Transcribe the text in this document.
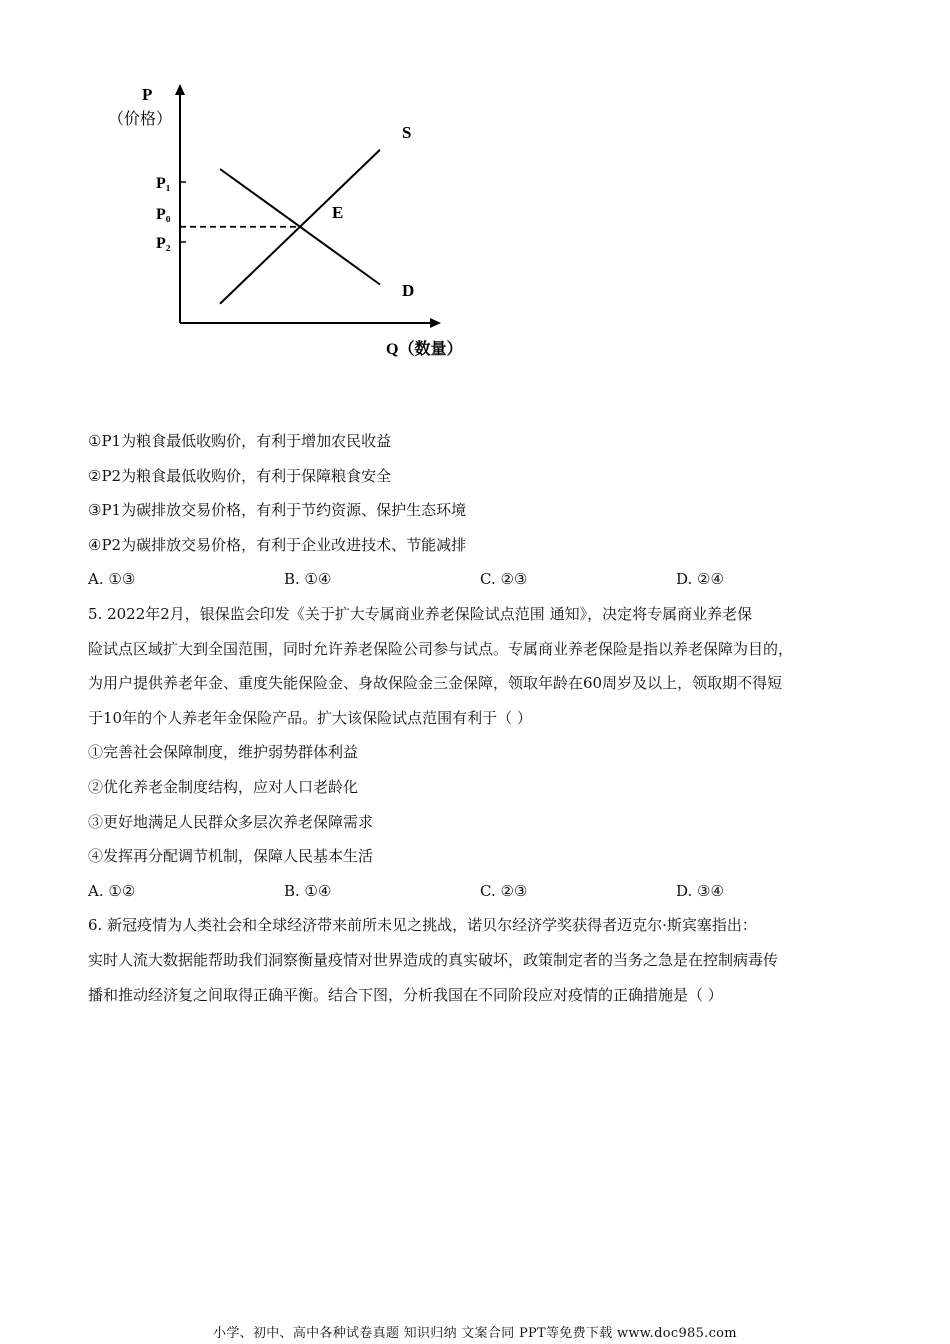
P
（价格）
P₁
P₀
P₂
S
D
E
Q（数量）
①P1为粮食最低收购价，有利于增加农民收益
②P2为粮食最低收购价，有利于保障粮食安全
③P1为碳排放交易价格，有利于节约资源、保护生态环境
④P2为碳排放交易价格，有利于企业改进技术、节能减排
A. ①③	B. ①④	C. ②③	D. ②④
5. 2022年2月，银保监会印发《关于扩大专属商业养老保险试点范围 通知》，决定将专属商业养老保
险试点区域扩大到全国范围，同时允许养老保险公司参与试点。专属商业养老保险是指以养老保障为目的，
为用户提供养老年金、重度失能保险金、身故保险金三金保障，领取年龄在60周岁及以上，领取期不得短
于10年的个人养老年金保险产品。扩大该保险试点范围有利于（ ）
①完善社会保障制度，维护弱势群体利益
②优化养老金制度结构，应对人口老龄化
③更好地满足人民群众多层次养老保障需求
④发挥再分配调节机制，保障人民基本生活
A. ①②	B. ①④	C. ②③	D. ③④
6. 新冠疫情为人类社会和全球经济带来前所未见之挑战，诺贝尔经济学奖获得者迈克尔·斯宾塞指出：
实时人流大数据能帮助我们洞察衡量疫情对世界造成的真实破坏，政策制定者的当务之急是在控制病毒传
播和推动经济复之间取得正确平衡。结合下图，分析我国在不同阶段应对疫情的正确措施是（ ）
小学、初中、高中各种试卷真题 知识归纳 文案合同 PPT等免费下载 www.doc985.com
